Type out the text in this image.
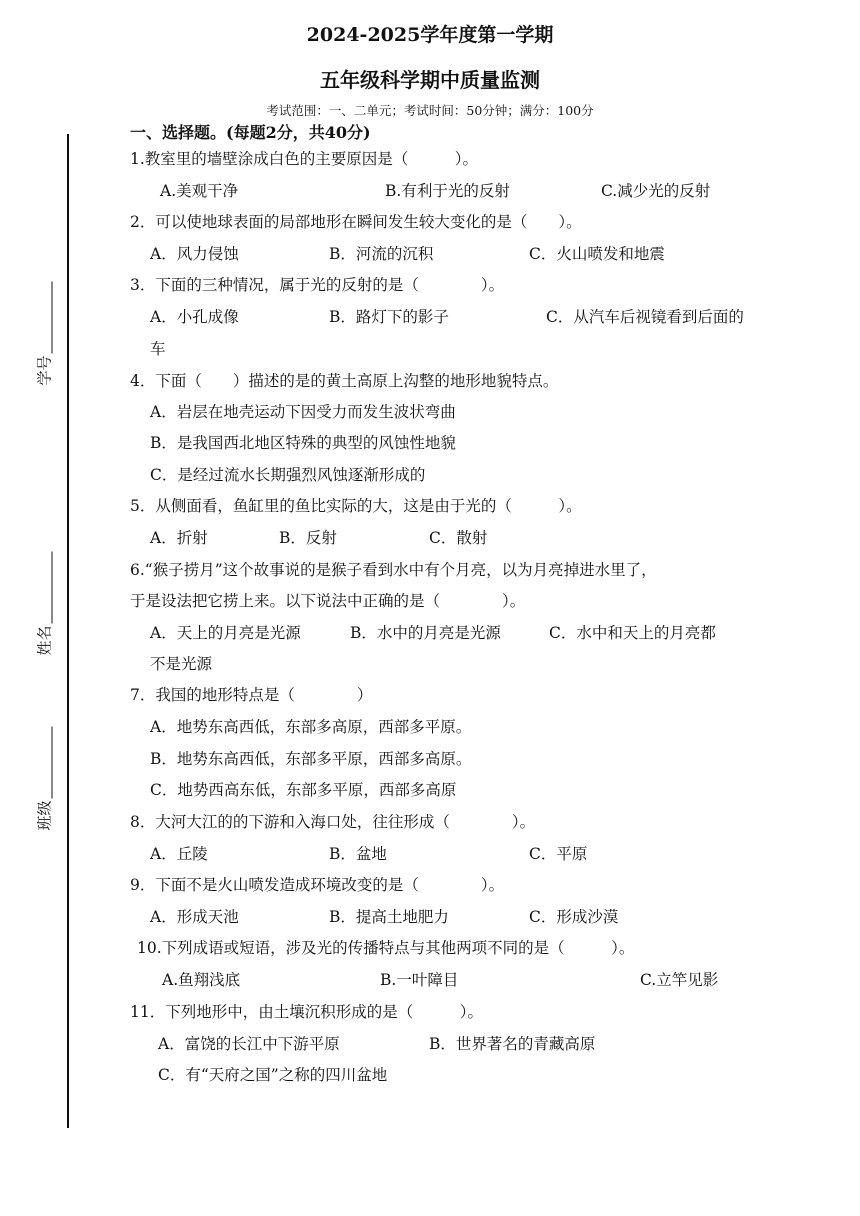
2024-2025学年度第一学期
五年级科学期中质量监测
考试范围：一、二单元；考试时间：50分钟；满分：100分
学号
姓名
班级
一、选择题。(每题2分，共40分)
1.教室里的墙壁涂成白色的主要原因是（　　　）。
A.美观干净	B.有利于光的反射	C.减少光的反射
2．可以使地球表面的局部地形在瞬间发生较大变化的是（　　）。
A．风力侵蚀	B．河流的沉积	C．火山喷发和地震
3．下面的三种情况，属于光的反射的是（　　　　）。
A．小孔成像	B．路灯下的影子	C．从汽车后视镜看到后面的
车
4．下面（　　）描述的是的黄土高原上沟整的地形地貌特点。
A．岩层在地壳运动下因受力而发生波状弯曲
B．是我国西北地区特殊的典型的风蚀性地貌
C．是经过流水长期强烈风蚀逐渐形成的
5．从侧面看，鱼缸里的鱼比实际的大，这是由于光的（　　　）。
A．折射	B．反射	C．散射
6.“猴子捞月”这个故事说的是猴子看到水中有个月亮，以为月亮掉进水里了，
于是设法把它捞上来。以下说法中正确的是（　　　　）。
A．天上的月亮是光源	B．水中的月亮是光源	C．水中和天上的月亮都
不是光源
7．我国的地形特点是（　　　　）
A．地势东高西低，东部多高原，西部多平原。
B．地势东高西低，东部多平原，西部多高原。
C．地势西高东低，东部多平原，西部多高原
8．大河大江的的下游和入海口处，往往形成（　　　　）。
A．丘陵	B．盆地	C．平原
9．下面不是火山喷发造成环境改变的是（　　　　）。
A．形成天池	B．提高土地肥力	C．形成沙漠
10.下列成语或短语，涉及光的传播特点与其他两项不同的是（　　　）。
A.鱼翔浅底	B.一叶障目	C.立竿见影
11．下列地形中，由土壤沉积形成的是（　　　）。
A．富饶的长江中下游平原	B．世界著名的青藏高原
C．有“天府之国”之称的四川盆地
